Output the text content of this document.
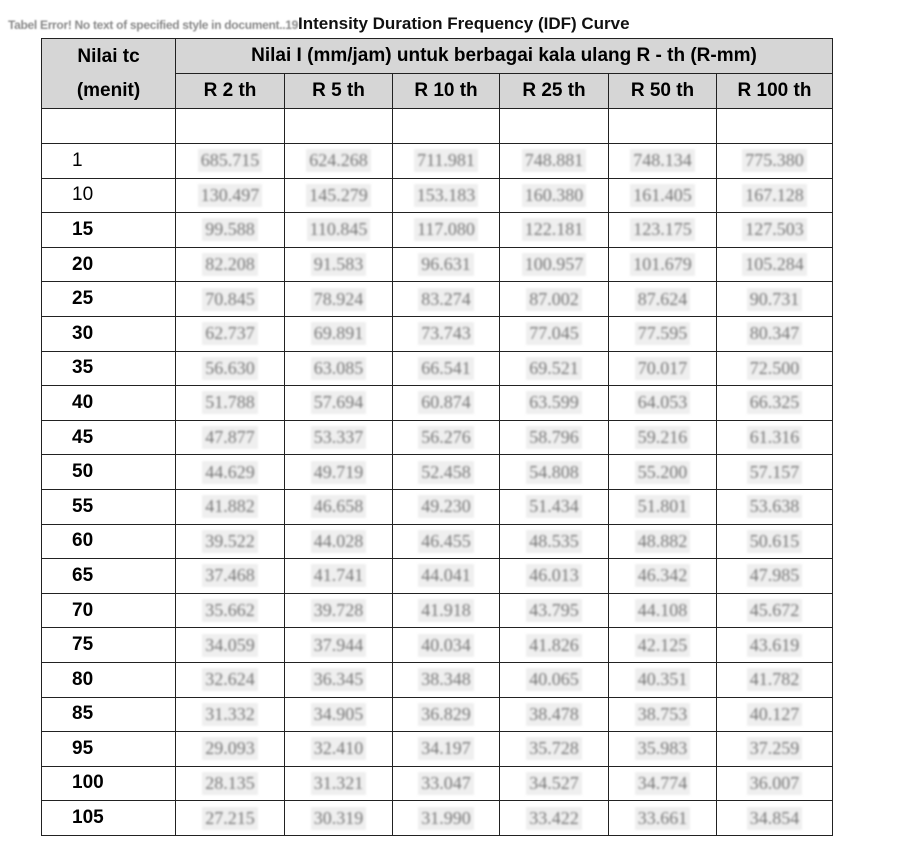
Tabel Error! No text of specified style in document..19Intensity Duration Frequency (IDF) Curve
Nilai tc
(menit)	Nilai I (mm/jam) untuk berbagai kala ulang R - th (R-mm)					
	R 2 th	R 5 th	R 10 th	R 25 th	R 50 th	R 100 th

1	685.715	624.268	711.981	748.881	748.134	775.380
10	130.497	145.279	153.183	160.380	161.405	167.128
15	99.588	110.845	117.080	122.181	123.175	127.503
20	82.208	91.583	96.631	100.957	101.679	105.284
25	70.845	78.924	83.274	87.002	87.624	90.731
30	62.737	69.891	73.743	77.045	77.595	80.347
35	56.630	63.085	66.541	69.521	70.017	72.500
40	51.788	57.694	60.874	63.599	64.053	66.325
45	47.877	53.337	56.276	58.796	59.216	61.316
50	44.629	49.719	52.458	54.808	55.200	57.157
55	41.882	46.658	49.230	51.434	51.801	53.638
60	39.522	44.028	46.455	48.535	48.882	50.615
65	37.468	41.741	44.041	46.013	46.342	47.985
70	35.662	39.728	41.918	43.795	44.108	45.672
75	34.059	37.944	40.034	41.826	42.125	43.619
80	32.624	36.345	38.348	40.065	40.351	41.782
85	31.332	34.905	36.829	38.478	38.753	40.127
95	29.093	32.410	34.197	35.728	35.983	37.259
100	28.135	31.321	33.047	34.527	34.774	36.007
105	27.215	30.319	31.990	33.422	33.661	34.854
